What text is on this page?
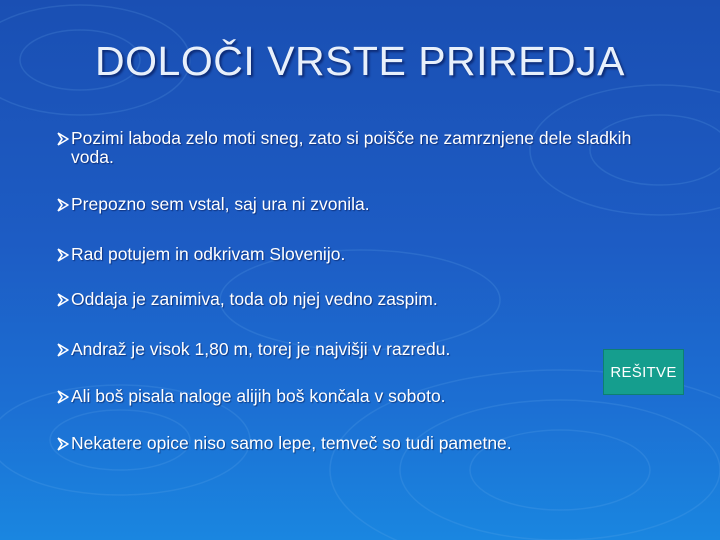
DOLOČI VRSTE PRIREDJA
Pozimi laboda zelo moti sneg, zato si poišče ne zamrznjene dele sladkih voda.
Prepozno sem vstal, saj ura ni zvonila.
Rad potujem in odkrivam Slovenijo.
Oddaja je zanimiva, toda ob njej vedno zaspim.
Andraž je visok 1,80 m, torej je najvišji v razredu.
Ali boš pisala naloge alijih boš končala v soboto.
Nekatere opice niso samo lepe, temveč so tudi pametne.
REŠITVE
